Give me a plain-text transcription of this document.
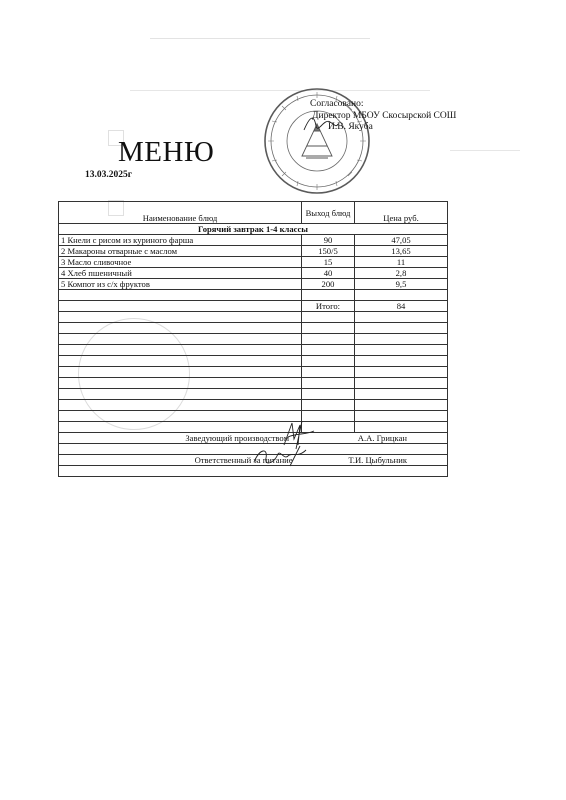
Согласовано:
Директор МБОУ Скосырской СОШ
И.В. Якуба
МЕНЮ
13.03.2025г
Наименование блюд	Выход блюд	Цена руб.
Горячий завтрак 1-4 классы		
1 Кнели с рисом из куриного фарша	90	47,05
2 Макароны отварные с маслом	150/5	13,65
3 Масло сливочное	15	11
4 Хлеб пшеничный	40	2,8
5 Компот из с/х фруктов	200	9,5

	Итого:	84

Заведующий производством                                А.А. Грицкан		

Ответственный за питание                          Т.И. Цыбульник		
